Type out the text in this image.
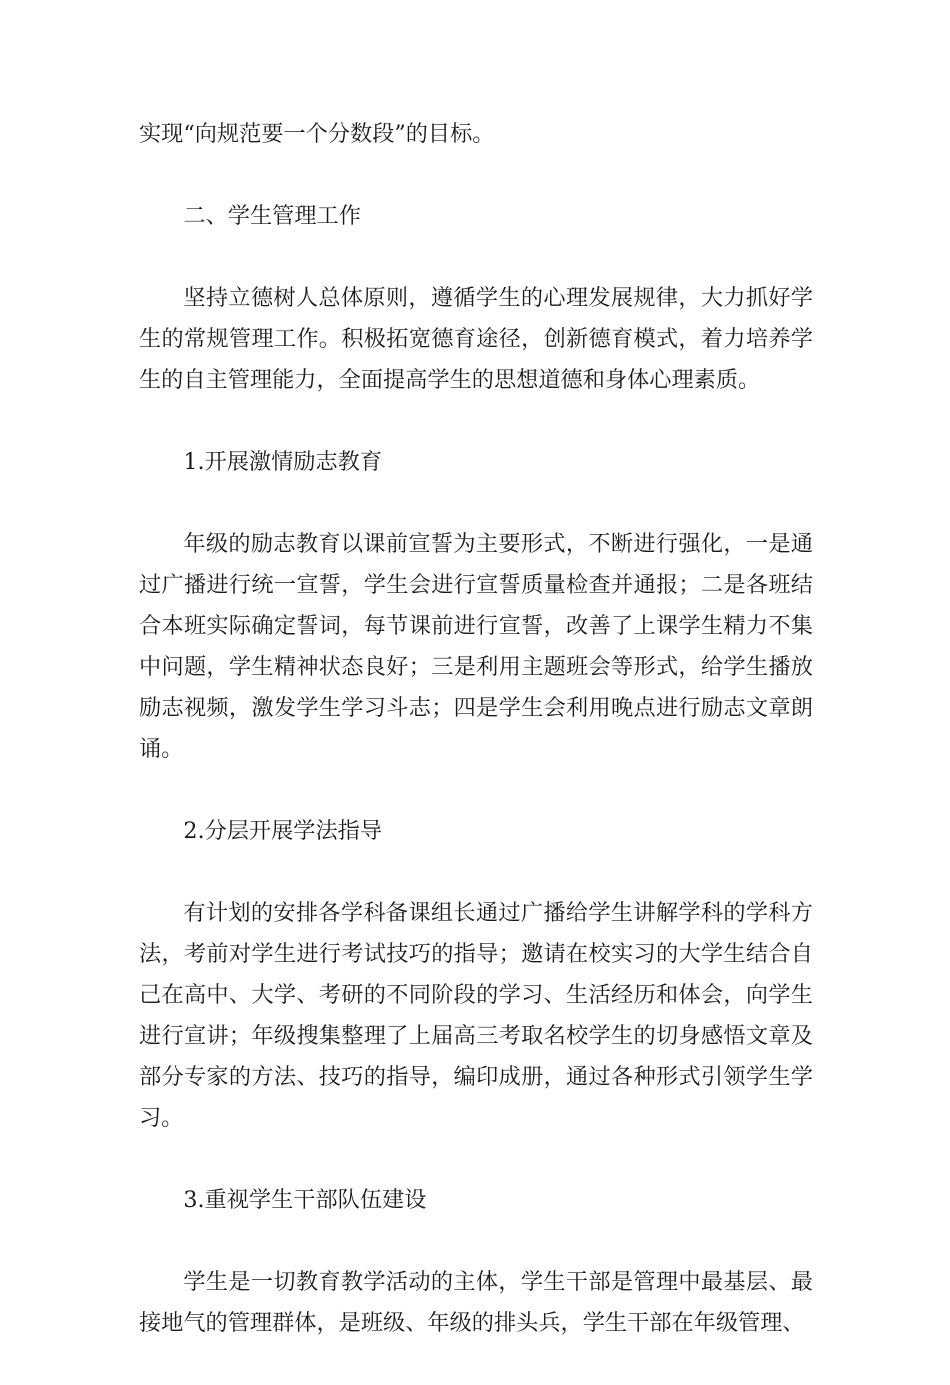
实现“向规范要一个分数段”的目标。

二、学生管理工作

坚持立德树人总体原则，遵循学生的心理发展规律，大力抓好学生的常规管理工作。积极拓宽德育途径，创新德育模式，着力培养学生的自主管理能力，全面提高学生的思想道德和身体心理素质。

1.开展激情励志教育

年级的励志教育以课前宣誓为主要形式，不断进行强化，一是通过广播进行统一宣誓，学生会进行宣誓质量检查并通报；二是各班结合本班实际确定誓词，每节课前进行宣誓，改善了上课学生精力不集中问题，学生精神状态良好；三是利用主题班会等形式，给学生播放励志视频，激发学生学习斗志；四是学生会利用晚点进行励志文章朗诵。

2.分层开展学法指导

有计划的安排各学科备课组长通过广播给学生讲解学科的学科方法，考前对学生进行考试技巧的指导；邀请在校实习的大学生结合自己在高中、大学、考研的不同阶段的学习、生活经历和体会，向学生进行宣讲；年级搜集整理了上届高三考取名校学生的切身感悟文章及部分专家的方法、技巧的指导，编印成册，通过各种形式引领学生学习。

3.重视学生干部队伍建设

学生是一切教育教学活动的主体，学生干部是管理中最基层、最接地气的管理群体，是班级、年级的排头兵，学生干部在年级管理、
